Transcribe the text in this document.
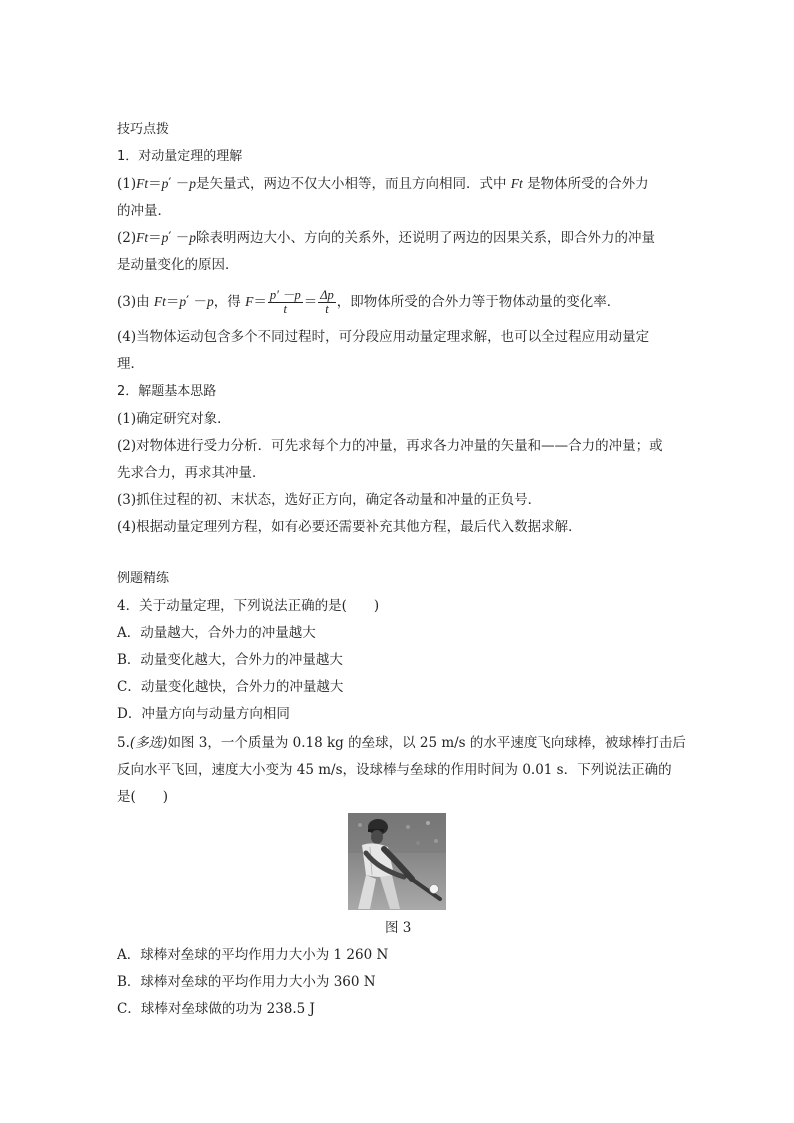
技巧点拨
1．对动量定理的理解
(1)Ft＝p′ －p是矢量式，两边不仅大小相等，而且方向相同．式中 Ft 是物体所受的合外力
的冲量．
(2)Ft＝p′ －p除表明两边大小、方向的关系外，还说明了两边的因果关系，即合外力的冲量
是动量变化的原因．
(3)由 Ft＝p′ －p，得 $F= \frac{p' -p}{t} = \frac{\Delta p}{t}$ ，即物体所受的合外力等于物体动量的变化率．
(4)当物体运动包含多个不同过程时，可分段应用动量定理求解，也可以全过程应用动量定
理．
2．解题基本思路
(1)确定研究对象．
(2)对物体进行受力分析．可先求每个力的冲量，再求各力冲量的矢量和——合力的冲量；或
先求合力，再求其冲量．
(3)抓住过程的初、末状态，选好正方向，确定各动量和冲量的正负号．
(4)根据动量定理列方程，如有必要还需要补充其他方程，最后代入数据求解．
例题精练
4．关于动量定理，下列说法正确的是(　　)
A．动量越大，合外力的冲量越大
B．动量变化越大，合外力的冲量越大
C．动量变化越快，合外力的冲量越大
D．冲量方向与动量方向相同
5.(多选)如图 3，一个质量为 0.18 kg 的垒球，以 25 m/s 的水平速度飞向球棒，被球棒打击后
反向水平飞回，速度大小变为 45 m/s，设球棒与垒球的作用时间为 0.01 s．下列说法正确的
是(　　)
图 3
A．球棒对垒球的平均作用力大小为 1 260 N
B．球棒对垒球的平均作用力大小为 360 N
C．球棒对垒球做的功为 238.5 J
